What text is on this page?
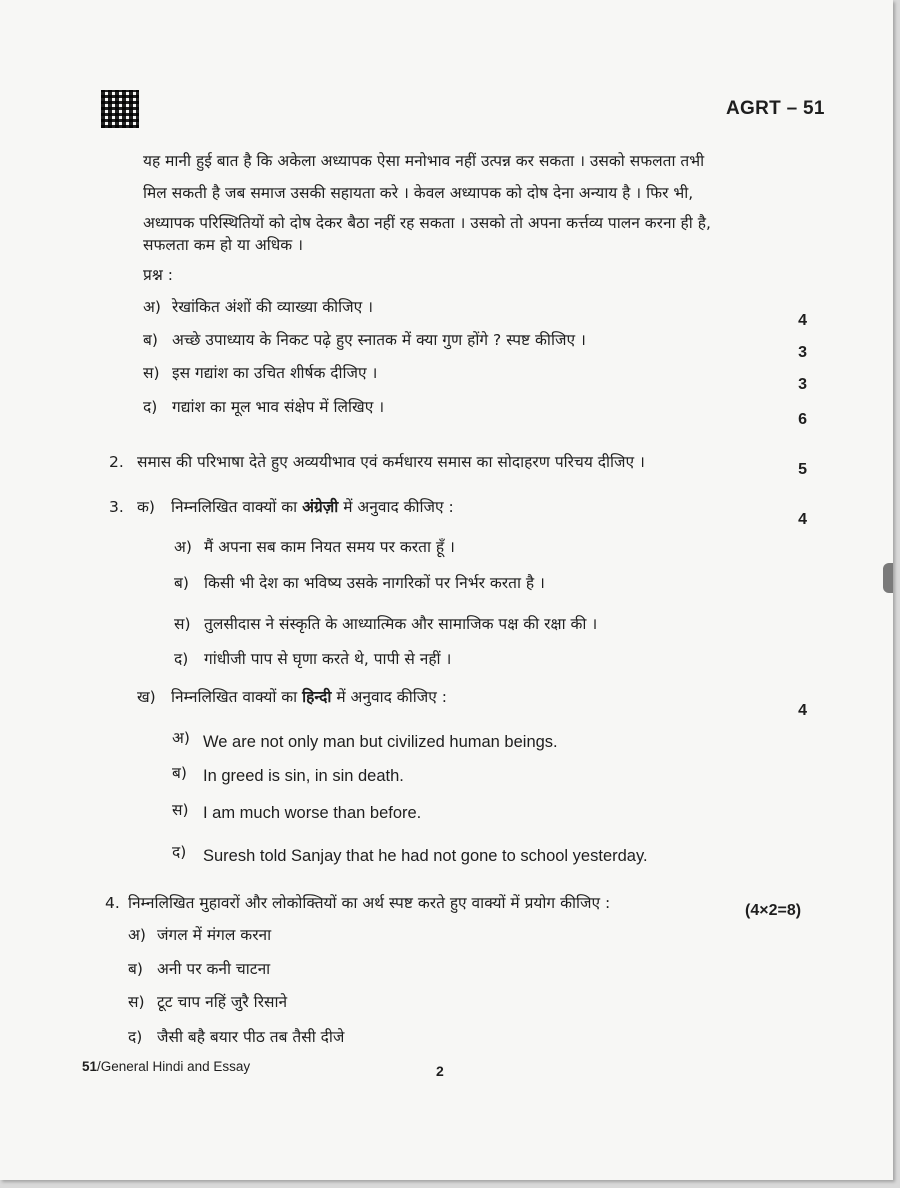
AGRT – 51
यह मानी हुई बात है कि अकेला अध्यापक ऐसा मनोभाव नहीं उत्पन्न कर सकता । उसको सफलता तभी
मिल सकती है जब समाज उसकी सहायता करे । केवल अध्यापक को दोष देना अन्याय है । फिर भी,
अध्यापक परिस्थितियों को दोष देकर बैठा नहीं रह सकता । उसको तो अपना कर्त्तव्य पालन करना ही है,
सफलता कम हो या अधिक ।
प्रश्न :
अ) रेखांकित अंशों की व्याख्या कीजिए ।
4
ब) अच्छे उपाध्याय के निकट पढ़े हुए स्नातक में क्या गुण होंगे ? स्पष्ट कीजिए ।
3
स) इस गद्यांश का उचित शीर्षक दीजिए ।
3
द) गद्यांश का मूल भाव संक्षेप में लिखिए ।
6
2. समास की परिभाषा देते हुए अव्ययीभाव एवं कर्मधारय समास का सोदाहरण परिचय दीजिए ।	5
3. क) निम्नलिखित वाक्यों का अंग्रेज़ी में अनुवाद कीजिए :
4
अ) मैं अपना सब काम नियत समय पर करता हूँ ।
ब) किसी भी देश का भविष्य उसके नागरिकों पर निर्भर करता है ।
स) तुलसीदास ने संस्कृति के आध्यात्मिक और सामाजिक पक्ष की रक्षा की ।
द) गांधीजी पाप से घृणा करते थे, पापी से नहीं ।
ख) निम्नलिखित वाक्यों का हिन्दी में अनुवाद कीजिए :
4
अ) We are not only man but civilized human beings.
ब) In greed is sin, in sin death.
स) I am much worse than before.
द) Suresh told Sanjay that he had not gone to school yesterday.
4. निम्नलिखित मुहावरों और लोकोक्तियों का अर्थ स्पष्ट करते हुए वाक्यों में प्रयोग कीजिए :	(4×2=8)
अ) जंगल में मंगल करना
ब) अनी पर कनी चाटना
स) टूट चाप नहिं जुरै रिसाने
द) जैसी बहै बयार पीठ तब तैसी दीजे
51/General Hindi and Essay	2
